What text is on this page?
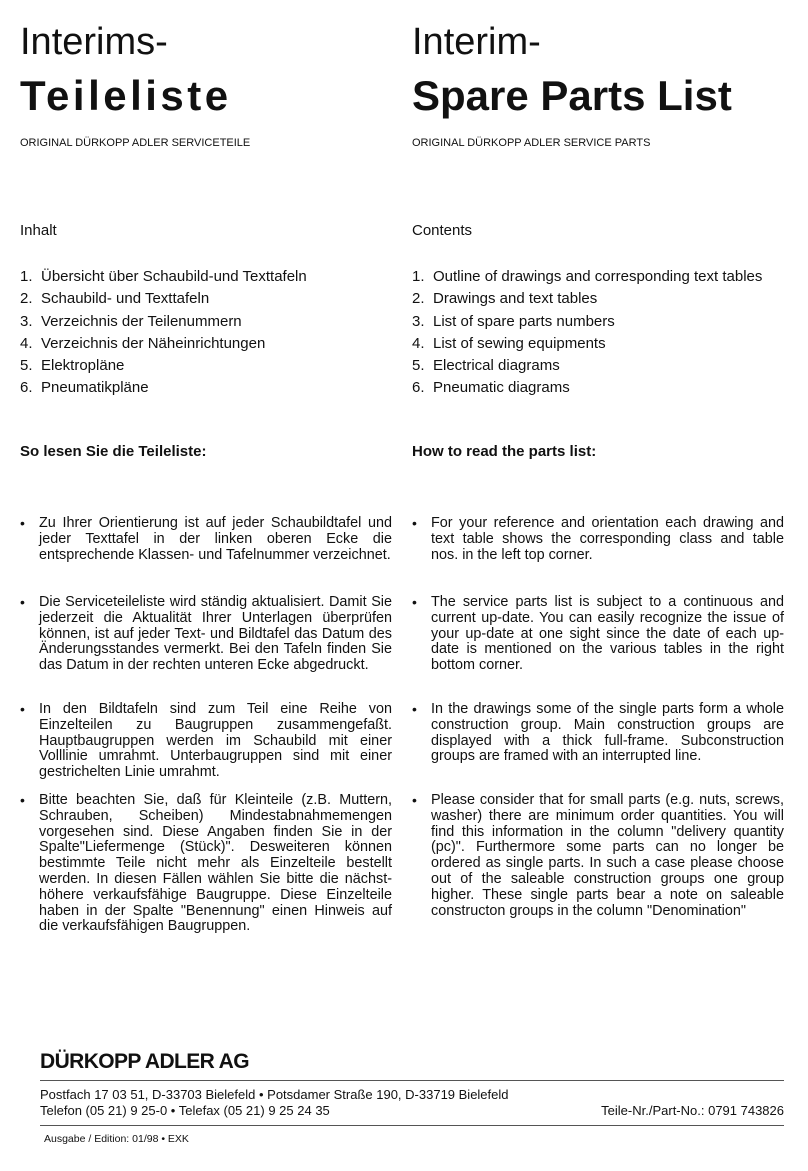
Interims-
Teileliste
ORIGINAL DÜRKOPP ADLER SERVICETEILE
Inhalt
1. Übersicht über Schaubild-und Texttafeln
2. Schaubild- und Texttafeln
3. Verzeichnis der Teilenummern
4. Verzeichnis der Näheinrichtungen
5. Elektropläne
6. Pneumatikpläne
So lesen Sie die Teileliste:
• Zu Ihrer Orientierung ist auf jeder Schaubildtafel und jeder Texttafel in der linken oberen Ecke die entsprechende Klassen- und Tafelnummer verzeichnet.
• Die Serviceteileliste wird ständig aktualisiert. Damit Sie jederzeit die Aktualität Ihrer Unterlagen überprüfen können, ist auf jeder Text- und Bildtafel das Datum des Änderungsstandes vermerkt. Bei den Tafeln finden Sie das Datum in der rechten unteren Ecke abgedruckt.
• In den Bildtafeln sind zum Teil eine Reihe von Einzelteilen zu Baugruppen zusammengefaßt. Hauptbaugruppen werden im Schaubild mit einer Volllinie umrahmt. Unterbaugruppen sind mit einer gestrichelten Linie umrahmt.
• Bitte beachten Sie, daß für Kleinteile (z.B. Muttern, Schrauben, Scheiben) Mindestabnahmemengen vorgesehen sind. Diese Angaben finden Sie in der Spalte"Liefermenge (Stück)". Desweiteren können bestimmte Teile nicht mehr als Einzelteile bestellt werden. In diesen Fällen wählen Sie bitte die nächst- höhere verkaufsfähige Baugruppe. Diese Einzelteile haben in der Spalte "Benennung" einen Hinweis auf die verkaufsfähigen Baugruppen.
Interim-
Spare Parts List
ORIGINAL DÜRKOPP ADLER SERVICE PARTS
Contents
1. Outline of drawings and corresponding text tables
2. Drawings and text tables
3. List of spare parts numbers
4. List of sewing equipments
5. Electrical diagrams
6. Pneumatic diagrams
How to read the parts list:
• For your reference and orientation each drawing and text table shows the corresponding class and table nos. in the left top corner.
• The service parts list is subject to a continuous and current up-date. You can easily recognize the issue of your up-date at one sight since the date of each up-date is mentioned on the various tables in the right bottom corner.
• In the drawings some of the single parts form a whole construction group. Main construction groups are displayed with a thick full-frame. Subconstruction groups are framed with an interrupted line.
• Please consider that for small parts (e.g. nuts, screws, washer) there are minimum order quantities. You will find this information in the column "delivery quantity (pc)". Furthermore some parts can no longer be ordered as single parts. In such a case please choose out of the saleable construction groups one group higher. These single parts bear a note on saleable constructon groups in the column "Denomination"
DÜRKOPP ADLER AG
Postfach 17 03 51, D-33703 Bielefeld • Potsdamer Straße 190, D-33719 Bielefeld
Telefon (05 21) 9 25-0 • Telefax (05 21) 9 25 24 35	Teile-Nr./Part-No.: 0791 743826
Ausgabe / Edition: 01/98 • EXK
